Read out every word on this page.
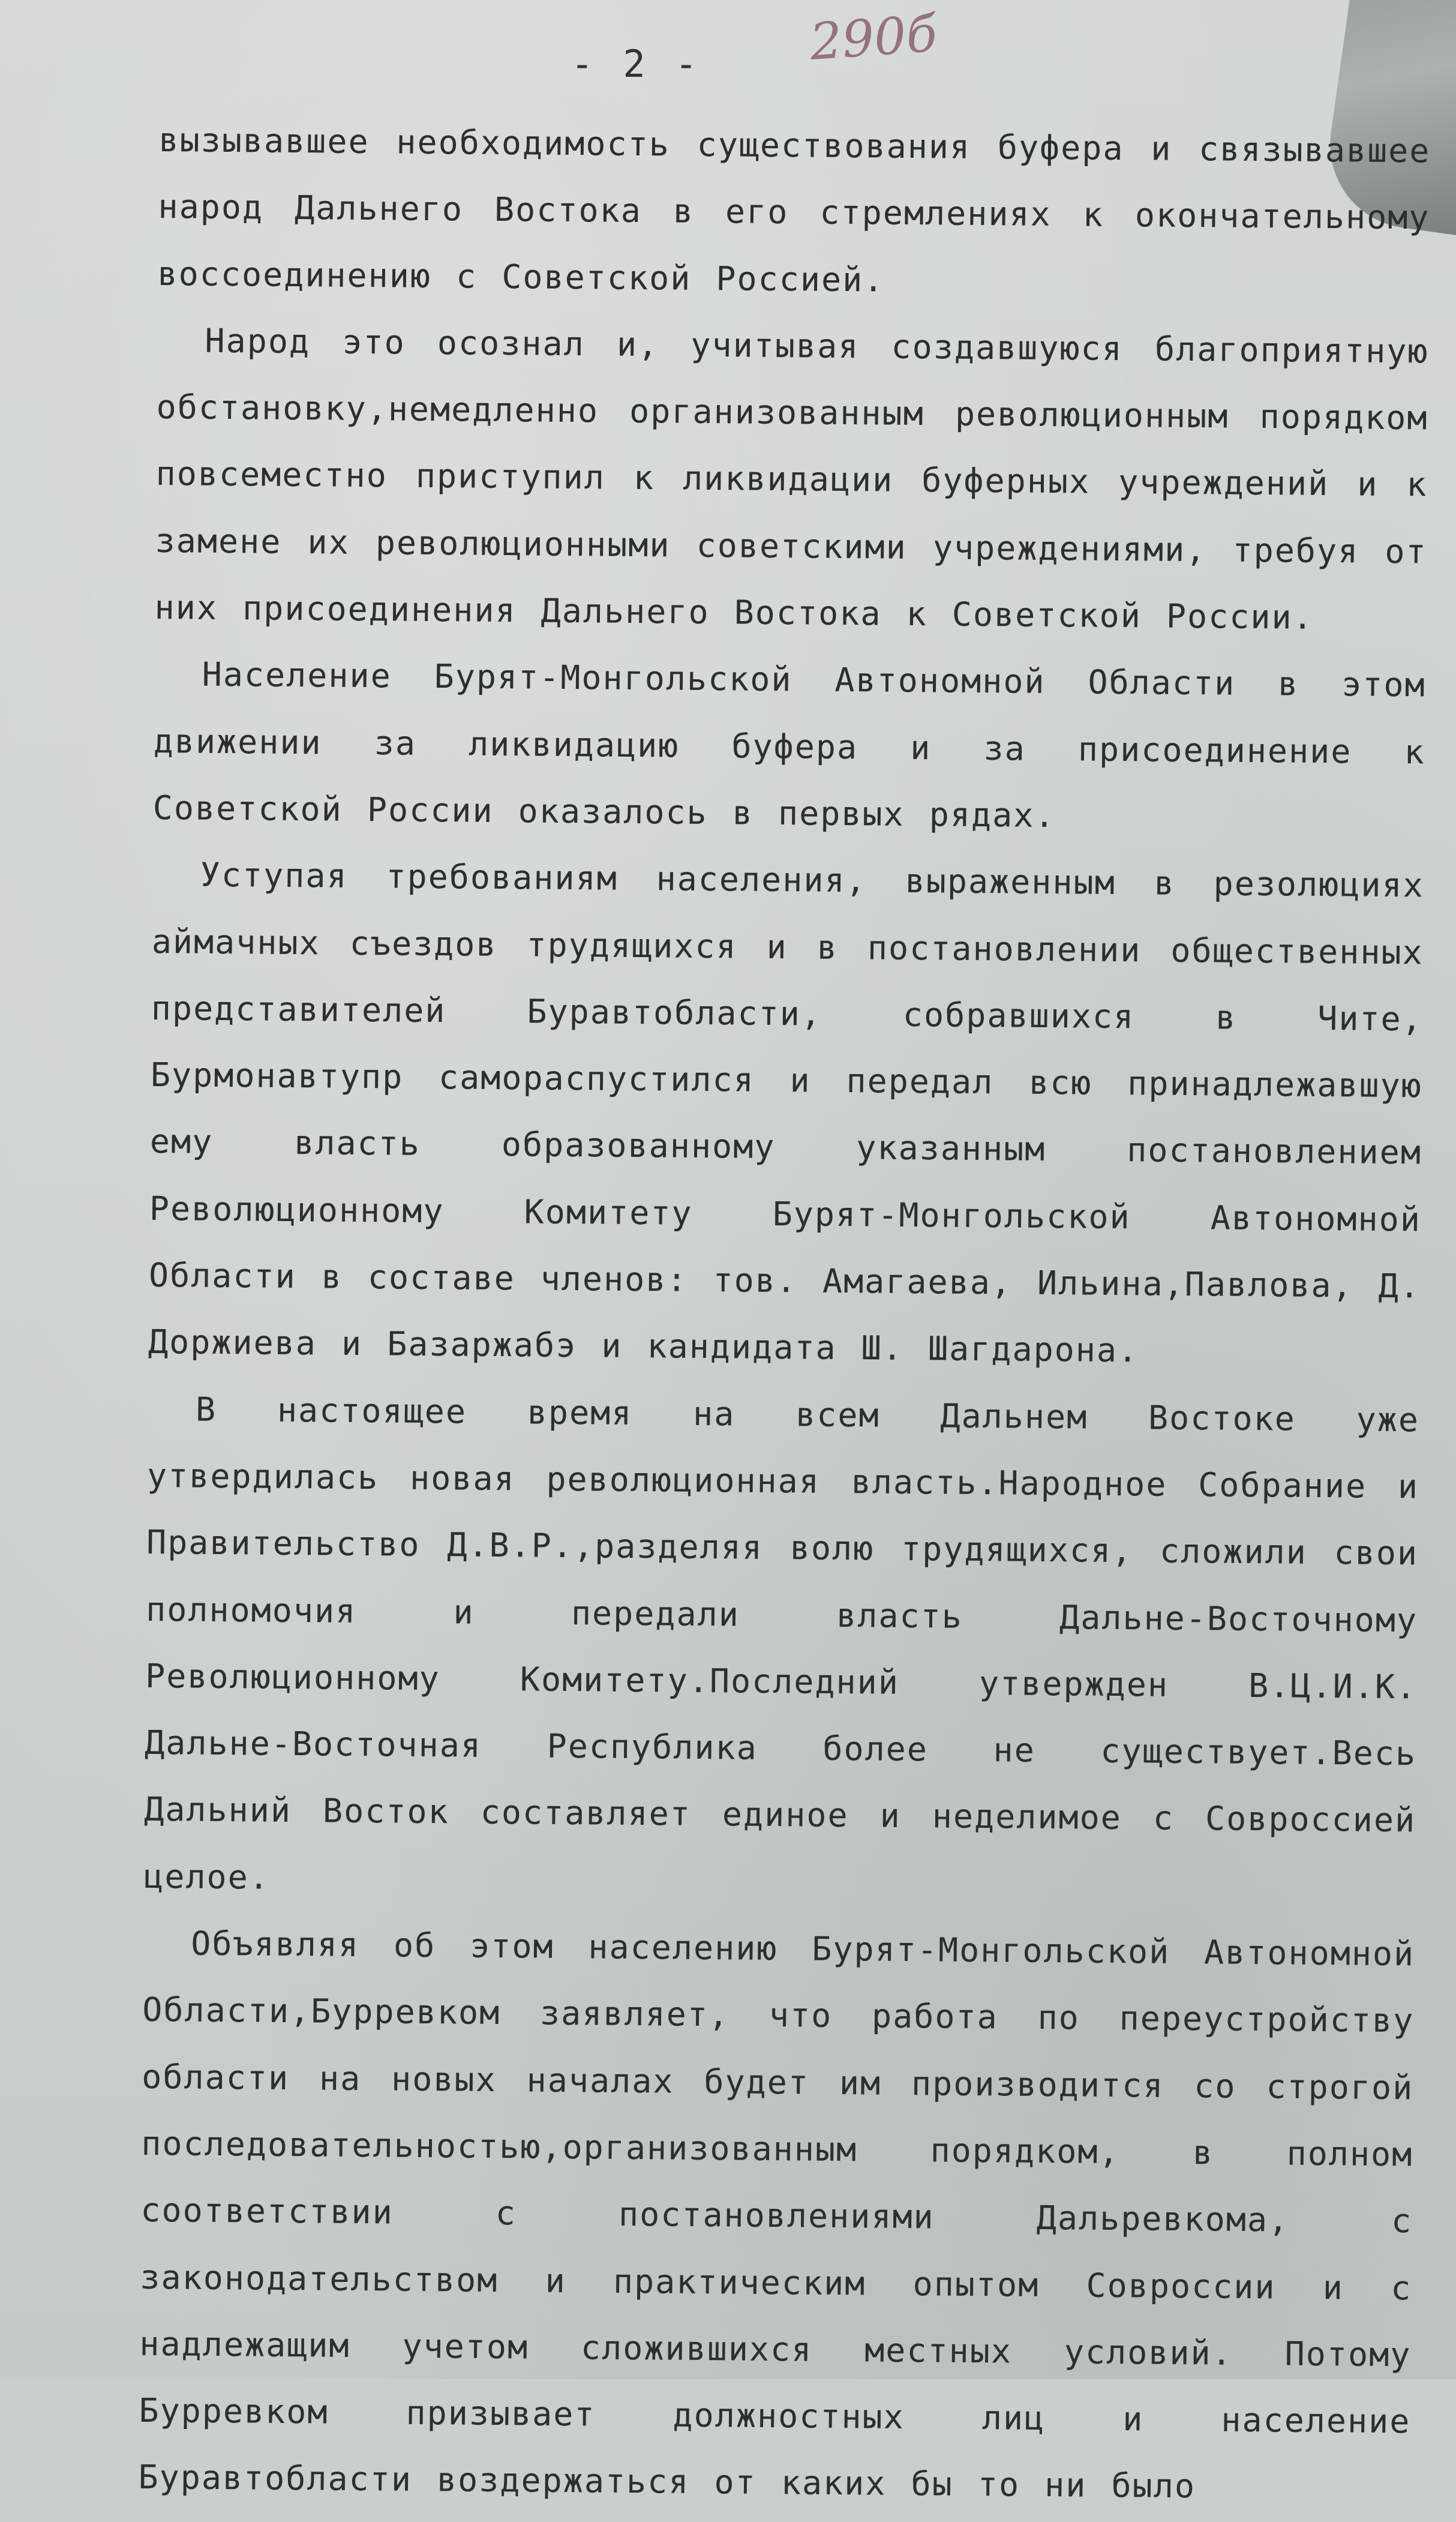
290б
- 2 -

вызывавшее необходимость существования буфера и связывавшее народ Дальнего Востока в его стремлениях к окончательному воссоединению с Советской Россией.

Народ это осознал и, учитывая создавшуюся благоприятную обстановку,немедленно организованным революционным порядком повсеместно приступил к ликвидации буферных учреждений и к замене их революционными советскими учреждениями, требуя от них присоединения Дальнего Востока к Советской России.

Население Бурят-Монгольской Автономной Области в этом движении за ликвидацию буфера и за присоединение к Советской России оказалось в первых рядах.

Уступая требованиям населения, выраженным в резолюциях аймачных съездов трудящихся и в постановлении общественных представителей Буравтобласти, собравшихся в Чите, Бурмонавтупр самораспустился и передал всю принадлежавшую ему власть образованному указанным постановлением Революционному Комитету Бурят-Монгольской Автономной Области в составе членов: тов. Амагаева, Ильина,Павлова, Д. Доржиева и Базаржабэ и кандидата Ш. Шагдарона.

В настоящее время на всем Дальнем Востоке уже утвердилась новая революционная власть.Народное Собрание и Правительство Д.В.Р.,разделяя волю трудящихся, сложили свои полномочия и передали власть Дальне-Восточному Революционному Комитету.Последний утвержден В.Ц.И.К. Дальне-Восточная Республика более не существует.Весь Дальний Восток составляет единое и неделимое с Совроссией целое.

Объявляя об этом населению Бурят-Монгольской Автономной Области,Бурревком заявляет, что работа по переустройству области на новых началах будет им производится со строгой последовательностью,организованным порядком, в полном соответствии с постановлениями Дальревкома, с законодательством и практическим опытом Совроссии и с надлежащим учетом сложившихся местных условий. Потому Бурревком призывает должностных лиц и население Буравтобласти воздержаться от каких бы то ни было
